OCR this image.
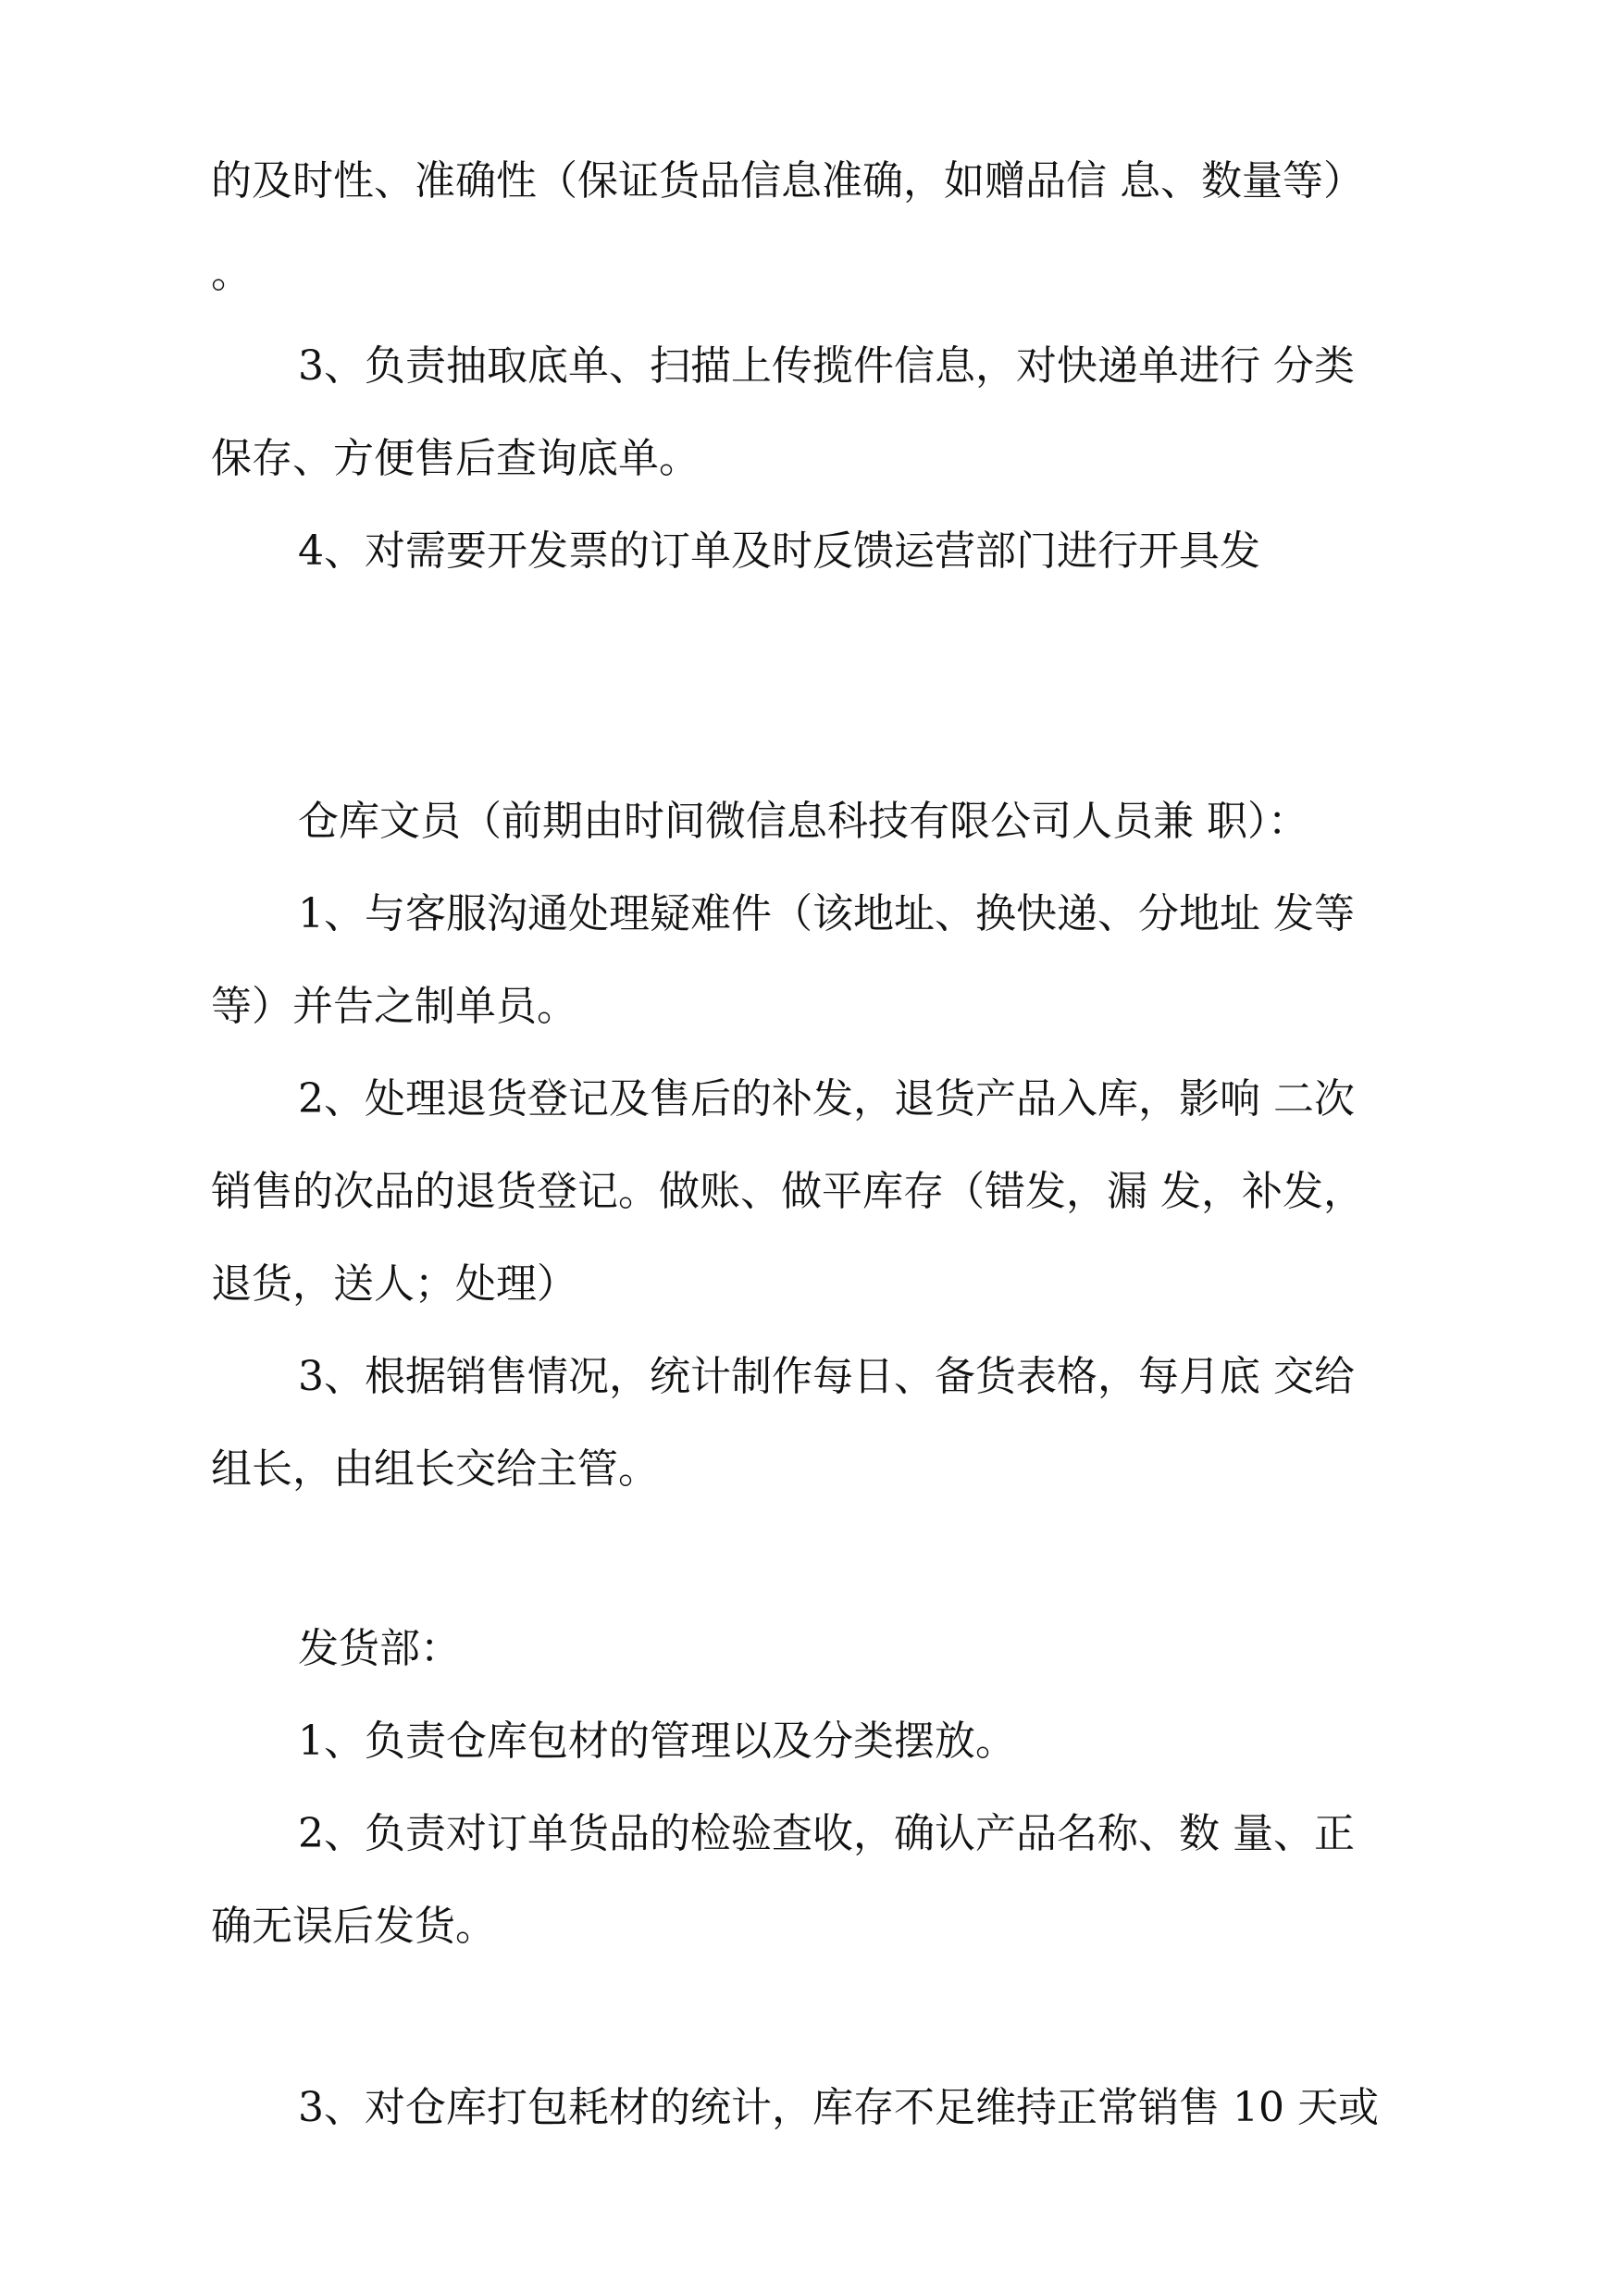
的及时性、准确性（保证货品信息准确，如赠品信 息、数量等）
。
3、负责抽取底单、扫描上传揽件信息，对快递单进行 分类
保存、方便售后查询底单。
4、对需要开发票的订单及时反馈运营部门进行开具发
仓库文员（前期由时间微信息科技有限公司人员兼 职）：
1、与客服沟通处理疑难件（该地址、换快递、分地址 发等
等）并告之制单员。
2、处理退货登记及售后的补发，退货产品入库，影响 二次
销售的次品的退货登记。做账、做平库存（错发，漏 发，补发，
退货，送人；处理）
3、根据销售情况，统计制作每日、备货表格，每月底 交给
组长，由组长交给主管。
发货部：
1、负责仓库包材的管理以及分类摆放。
2、负责对订单货品的检验查收，确认产品名称、数 量、正
确无误后发货。
3、对仓库打包耗材的统计，库存不足维持正常销售 10 天或
